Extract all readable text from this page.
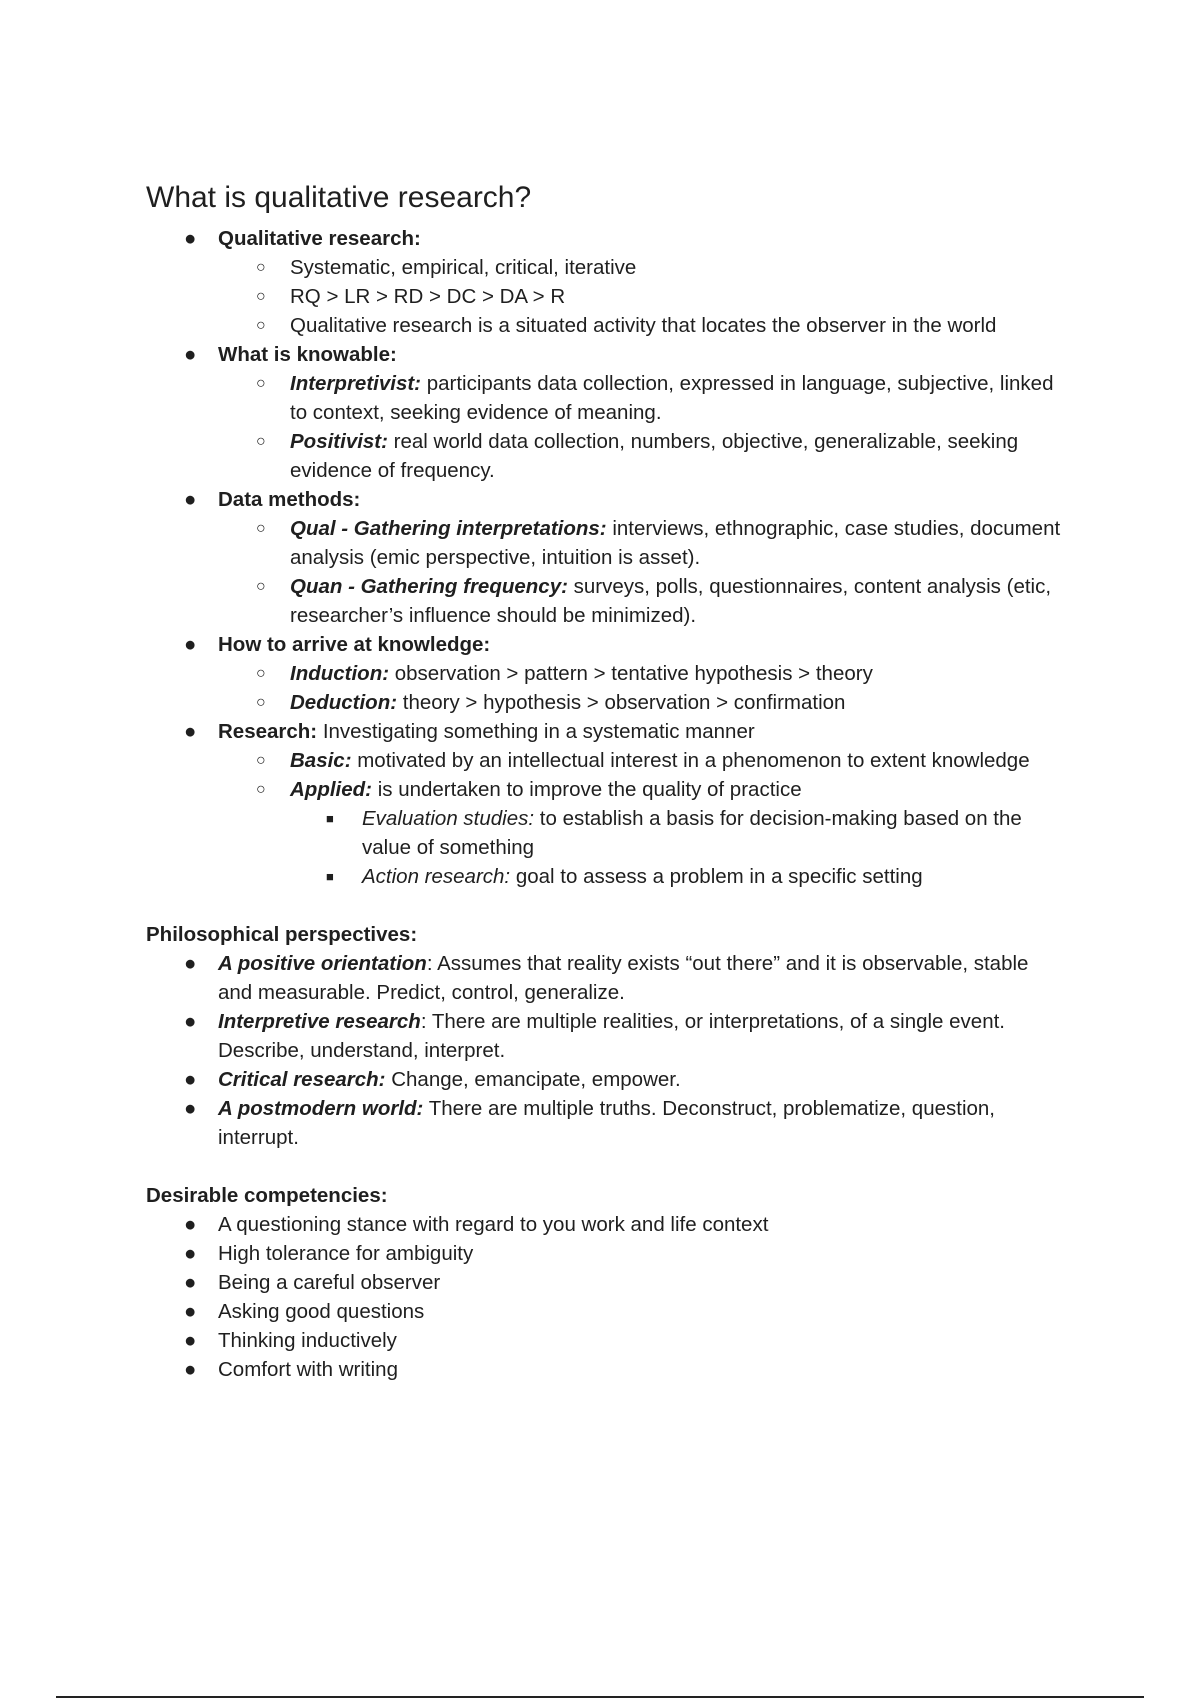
What is qualitative research?
● Qualitative research:
○ Systematic, empirical, critical, iterative
○ RQ > LR > RD > DC > DA > R
○ Qualitative research is a situated activity that locates the observer in the world
● What is knowable:
○ Interpretivist: participants data collection, expressed in language, subjective, linked to context, seeking evidence of meaning.
○ Positivist: real world data collection, numbers, objective, generalizable, seeking evidence of frequency.
● Data methods:
○ Qual - Gathering interpretations: interviews, ethnographic, case studies, document analysis (emic perspective, intuition is asset).
○ Quan - Gathering frequency: surveys, polls, questionnaires, content analysis (etic, researcher’s influence should be minimized).
● How to arrive at knowledge:
○ Induction: observation > pattern > tentative hypothesis > theory
○ Deduction: theory > hypothesis > observation > confirmation
● Research: Investigating something in a systematic manner
○ Basic: motivated by an intellectual interest in a phenomenon to extent knowledge
○ Applied: is undertaken to improve the quality of practice
■ Evaluation studies: to establish a basis for decision-making based on the value of something
■ Action research: goal to assess a problem in a specific setting
Philosophical perspectives:
● A positive orientation: Assumes that reality exists “out there” and it is observable, stable and measurable. Predict, control, generalize.
● Interpretive research: There are multiple realities, or interpretations, of a single event. Describe, understand, interpret.
● Critical research: Change, emancipate, empower.
● A postmodern world: There are multiple truths. Deconstruct, problematize, question, interrupt.
Desirable competencies:
● A questioning stance with regard to you work and life context
● High tolerance for ambiguity
● Being a careful observer
● Asking good questions
● Thinking inductively
● Comfort with writing
